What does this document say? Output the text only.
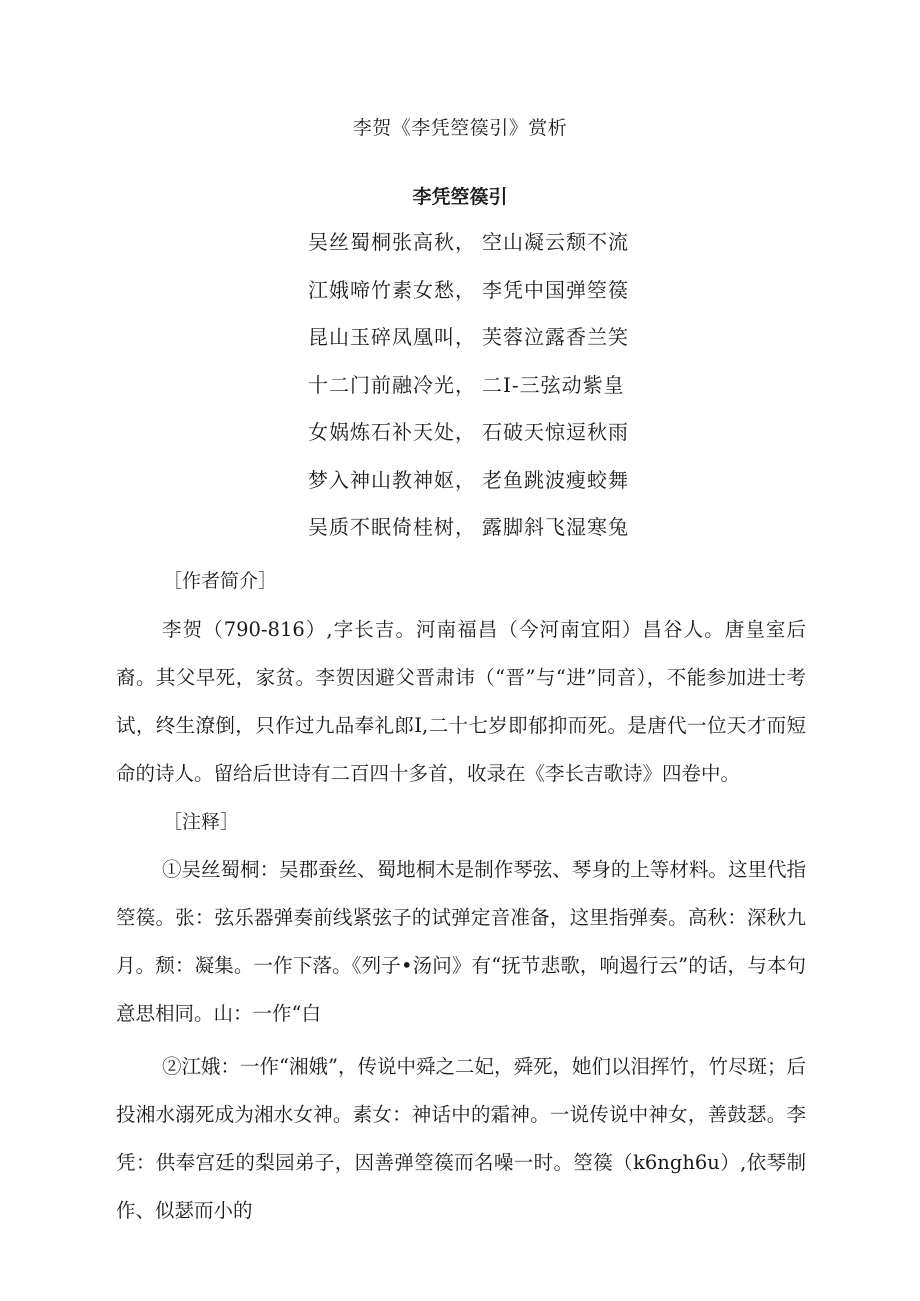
李贺《李凭箜篌引》赏析
李凭箜篌引
吴丝蜀桐张高秋， 空山凝云颓不流
江娥啼竹素女愁， 李凭中国弹箜篌
昆山玉碎凤凰叫， 芙蓉泣露香兰笑
十二门前融冷光， 二Ⅰ-三弦动紫皇
女娲炼石补天处， 石破天惊逗秋雨
梦入神山教神妪， 老鱼跳波瘦蛟舞
吴质不眠倚桂树， 露脚斜飞湿寒兔
［作者简介］
李贺（790-816）,字长吉。河南福昌（今河南宜阳）昌谷人。唐皇室后裔。其父早死，家贫。李贺因避父晋肃讳（“晋”与“进”同音），不能参加进士考试，终生潦倒，只作过九品奉礼郎I,二十七岁即郁抑而死。是唐代一位天才而短命的诗人。留给后世诗有二百四十多首，收录在《李长吉歌诗》四卷中。
［注释］
①吴丝蜀桐：吴郡蚕丝、蜀地桐木是制作琴弦、琴身的上等材料。这里代指箜篌。张：弦乐器弹奏前线紧弦子的试弹定音准备，这里指弹奏。高秋：深秋九月。颓：凝集。一作下落。《列子•汤问》有“抚节悲歌，响遏行云”的话，与本句意思相同。山：一作“白
②江娥：一作“湘娥”，传说中舜之二妃，舜死，她们以泪挥竹，竹尽斑；后投湘水溺死成为湘水女神。素女：神话中的霜神。一说传说中神女，善鼓瑟。李凭：供奉宫廷的梨园弟子，因善弹箜篌而名噪一时。箜篌（k6ngh6u）,依琴制作、似瑟而小的
